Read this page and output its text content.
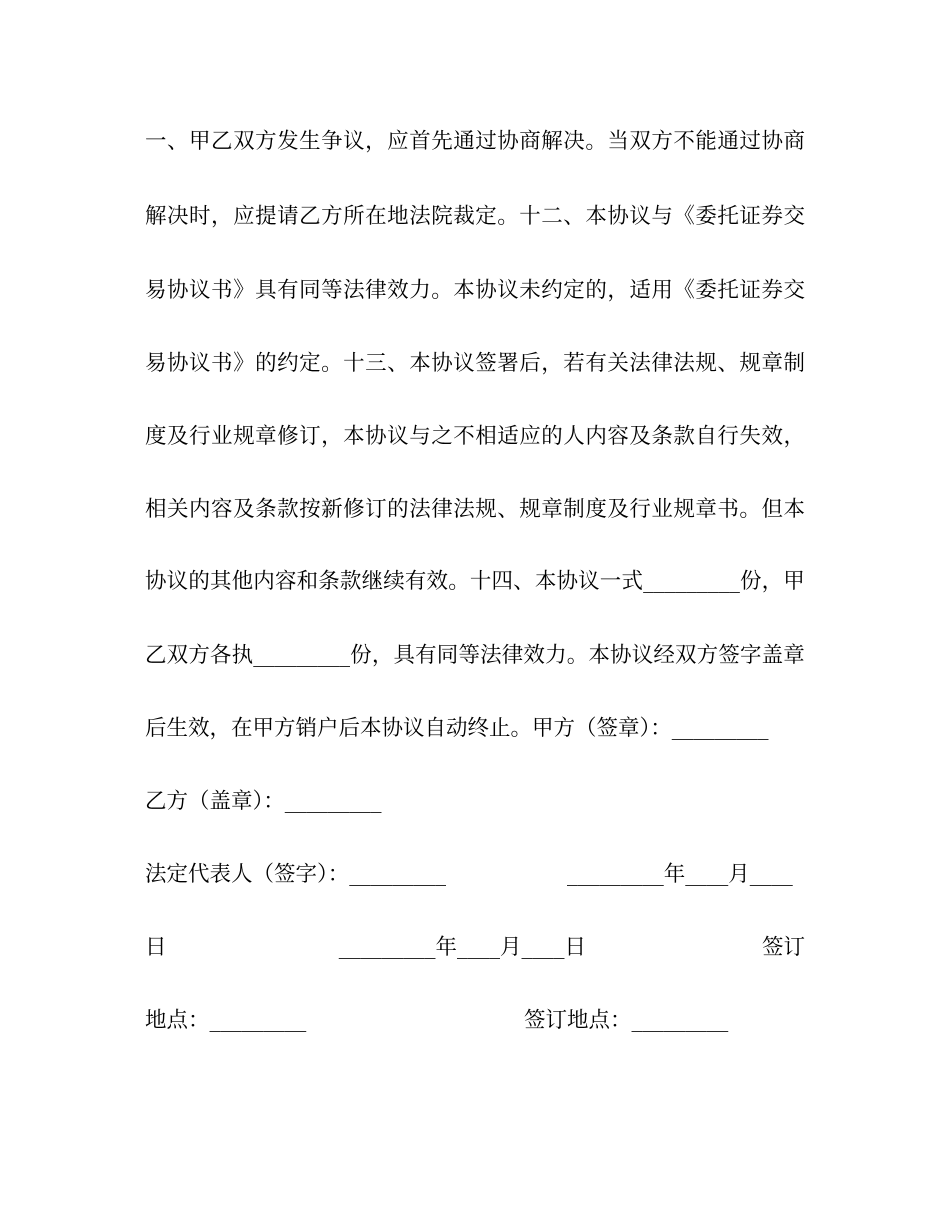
一 、 甲 乙 双 方 发 生 争 议 ， 应 首 先 通 过 协 商 解 决 。 当 双 方 不 能 通 过 协 商
解 决 时 ， 应 提 请 乙 方 所 在 地 法 院 裁 定 。 十 二 、 本 协 议 与 《 委 托 证 券 交
易 协 议 书 》 具 有 同 等 法 律 效 力 。 本 协 议 未 约 定 的 ， 适 用 《 委 托 证 券 交
易 协 议 书 》 的 约 定 。 十 三 、 本 协 议 签 署 后 ， 若 有 关 法 律 法 规 、 规 章 制
度 及 行 业 规 章 修 订 ， 本 协 议 与 之 不 相 适 应 的 人 内 容 及 条 款 自 行 失 效 ，
相 关 内 容 及 条 款 按 新 修 订 的 法 律 法 规 、 规 章 制 度 及 行 业 规 章 书 。 但 本
协 议 的 其 他 内 容 和 条 款 继 续 有 效 。 十 四 、 本 协 议 一 式 _________ 份 ， 甲
乙 双 方 各 执 _________ 份 ， 具 有 同 等 法 律 效 力 。 本 协 议 经 双 方 签 字 盖 章
后生效，在甲方销户后本协议自动终止。甲方（签章）：_________
乙方（盖章）：_________
法定代表人（签字）：_________	_________年____月____
日	_________年____月____日	签订
地点：_________	签订地点：_________
